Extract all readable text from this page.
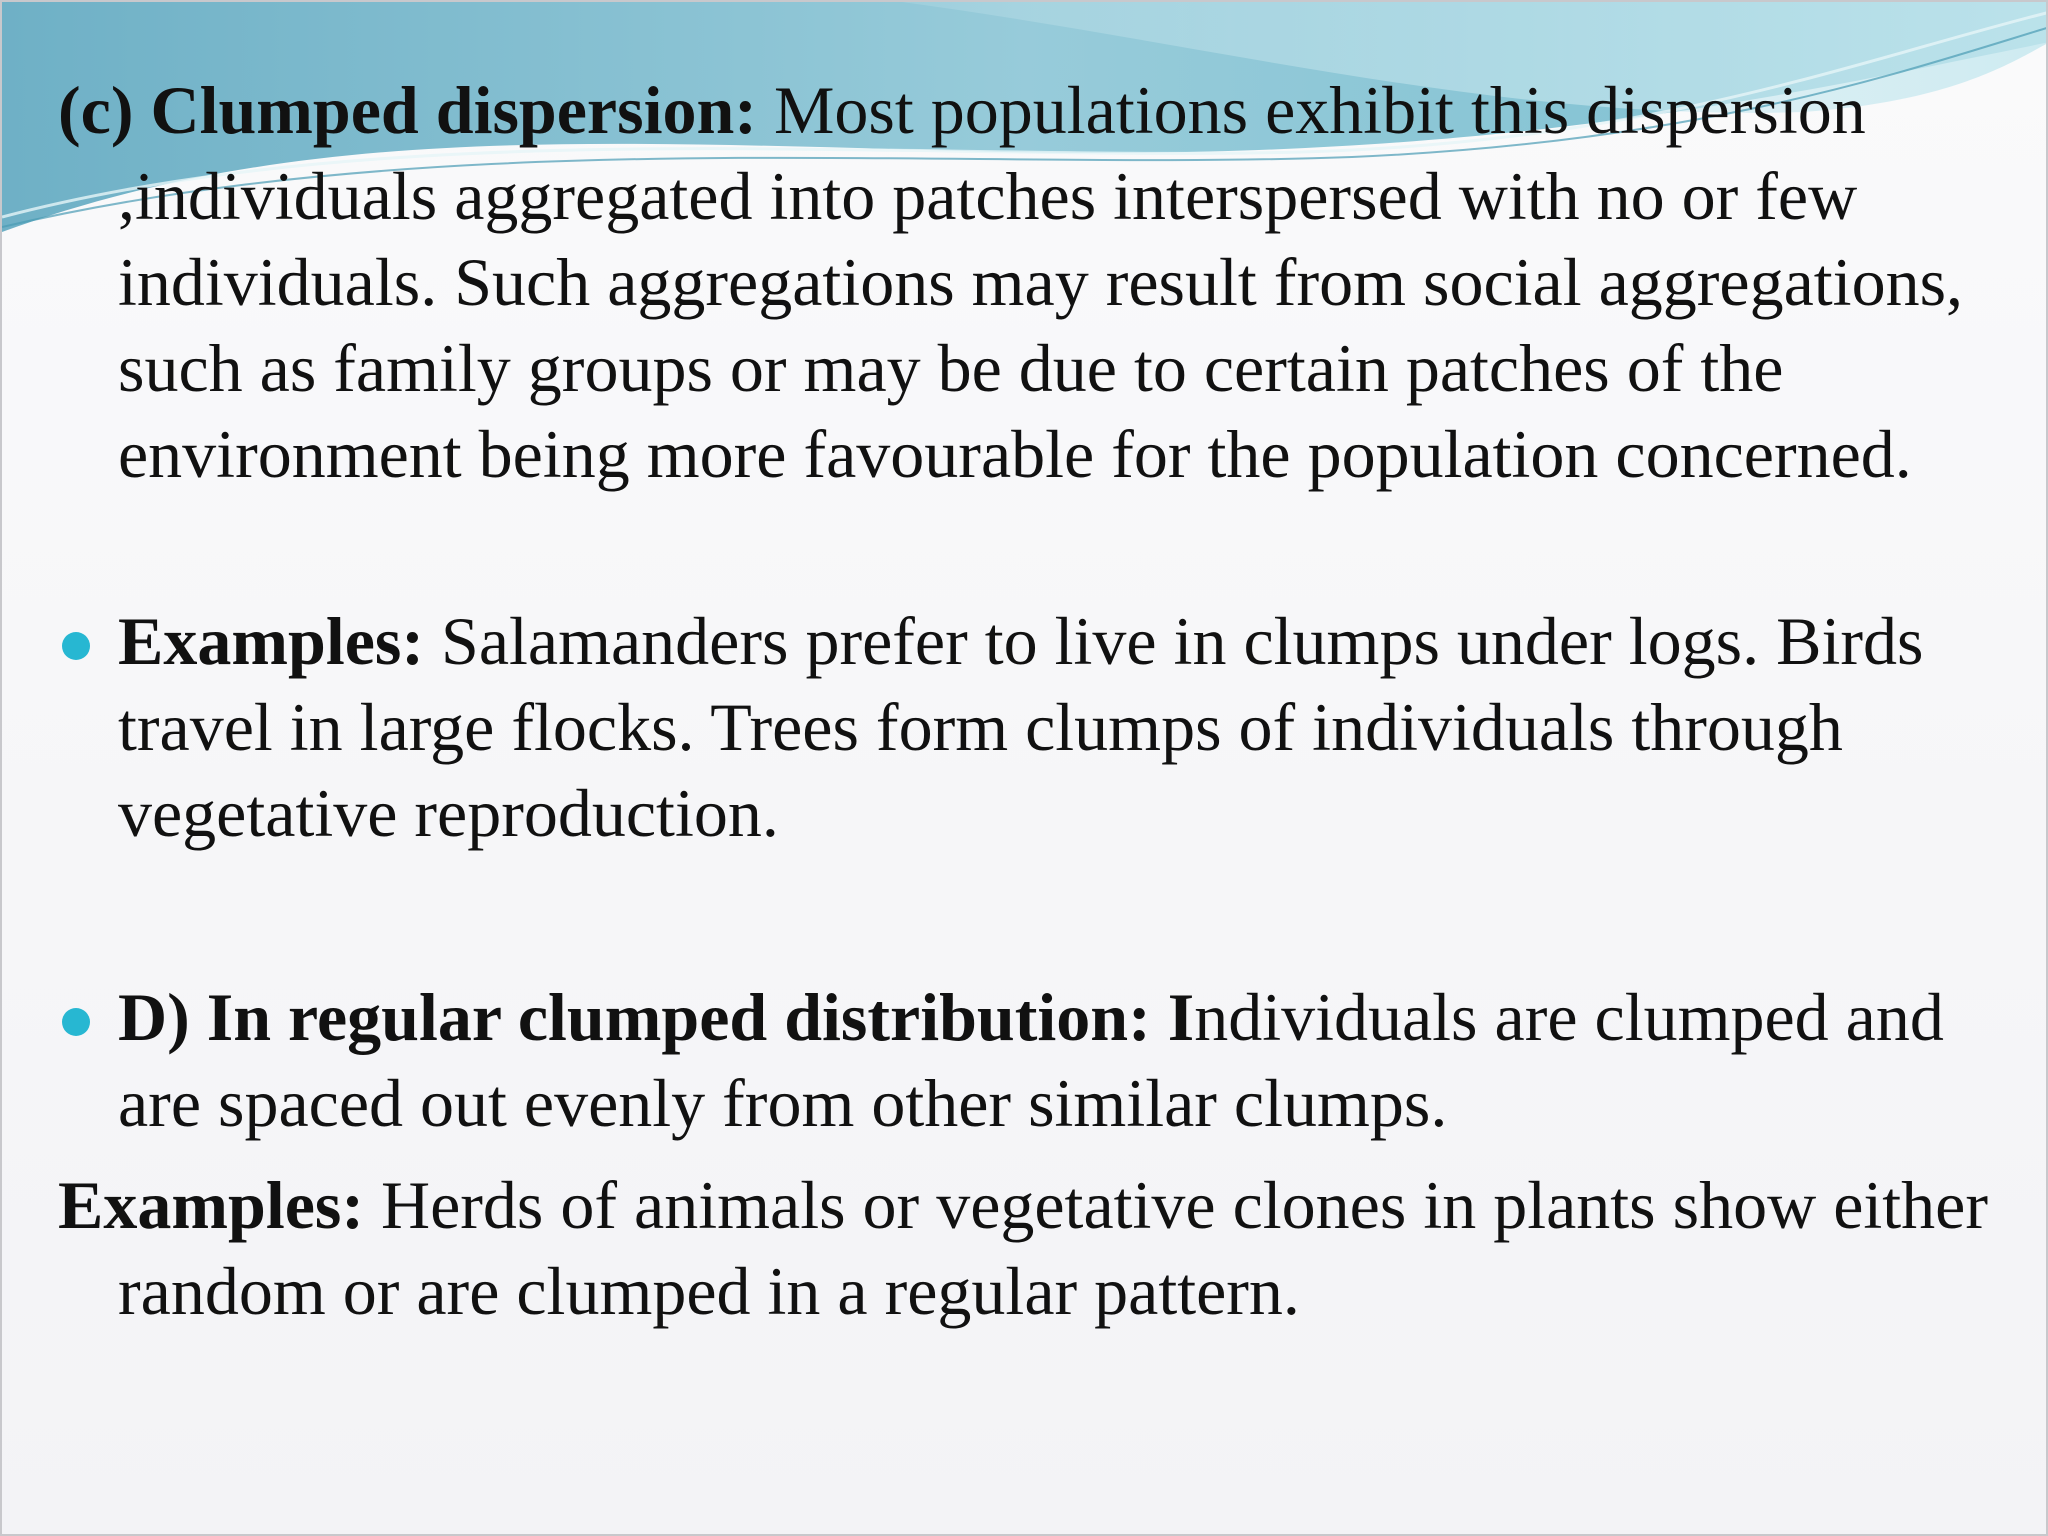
(c) Clumped dispersion: Most populations exhibit this dispersion ,individuals aggregated into patches interspersed with no or few individuals. Such aggregations may result from social aggregations, such as family groups or may be due to certain patches of the environment being more favourable for the population concerned.

Examples: Salamanders prefer to live in clumps under logs. Birds travel in large flocks. Trees form clumps of individuals through vegetative reproduction.

D) In regular clumped distribution: Individuals are clumped and are spaced out evenly from other similar clumps.

Examples: Herds of animals or vegetative clones in plants show either random or are clumped in a regular pattern.
